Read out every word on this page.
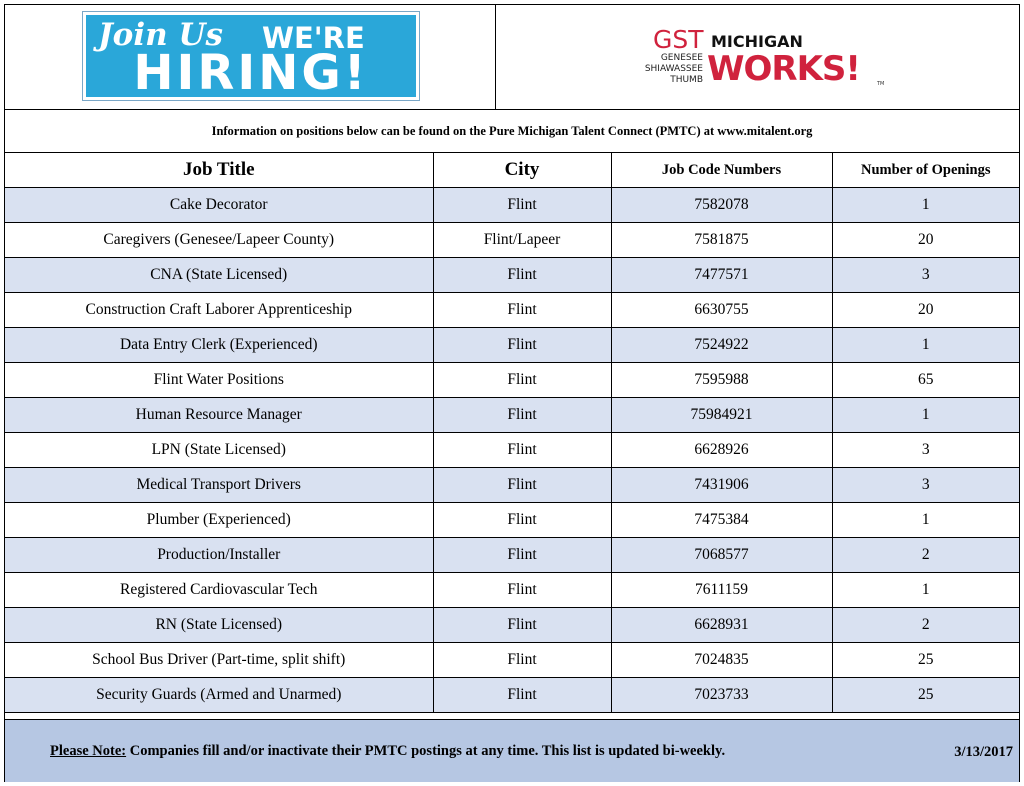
Join Us WE'RE
HIRING!
GST MICHIGAN
GENESEE
SHIAWASSEE
THUMB WORKS!	TM
Information on positions below can be found on the Pure Michigan Talent Connect (PMTC) at www.mitalent.org
Job Title	City	Job Code Numbers	Number of Openings
Cake Decorator	Flint	7582078	1
Caregivers (Genesee/Lapeer County)	Flint/Lapeer	7581875	20
CNA (State Licensed)	Flint	7477571	3
Construction Craft Laborer Apprenticeship	Flint	6630755	20
Data Entry Clerk (Experienced)	Flint	7524922	1
Flint Water Positions	Flint	7595988	65
Human Resource Manager	Flint	75984921	1
LPN (State Licensed)	Flint	6628926	3
Medical Transport Drivers	Flint	7431906	3
Plumber (Experienced)	Flint	7475384	1
Production/Installer	Flint	7068577	2
Registered Cardiovascular Tech	Flint	7611159	1
RN (State Licensed)	Flint	6628931	2
School Bus Driver (Part-time, split shift)	Flint	7024835	25
Security Guards (Armed and Unarmed)	Flint	7023733	25
Please Note: Companies fill and/or inactivate their PMTC postings at any time. This list is updated bi-weekly.	3/13/2017
